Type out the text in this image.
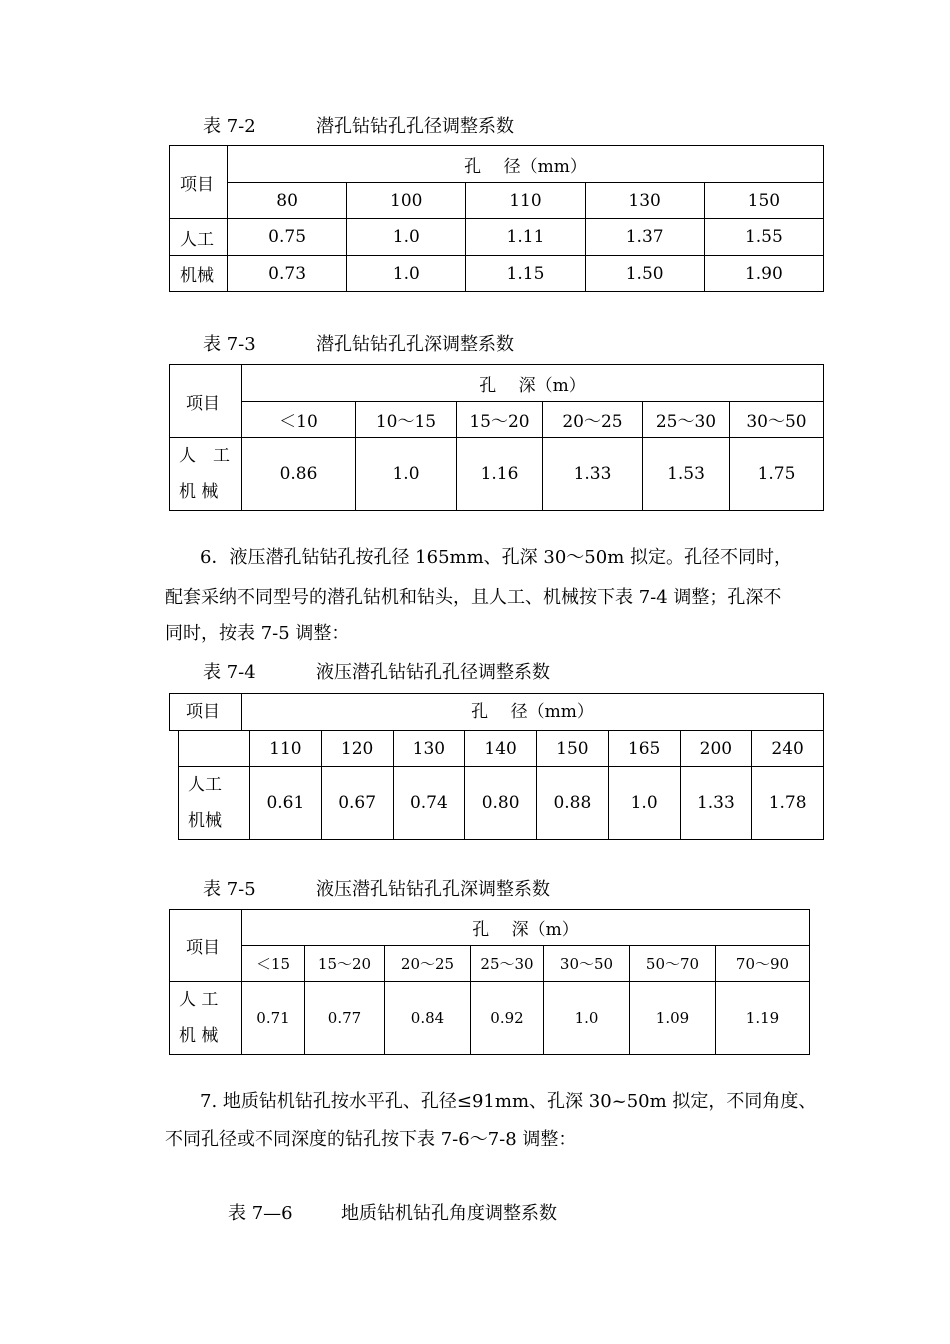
表 7-2	潜孔钻钻孔孔径调整系数
项目	孔　 径（mm）				
	80	100	110	130	150
人工	0.75	1.0	1.11	1.37	1.55
机械	0.73	1.0	1.15	1.50	1.90
表 7-3	潜孔钻钻孔孔深调整系数
项目	孔　 深（m）					
	＜10	10～15	15～20	20～25	25～30	30～50

人　工
机 械	0.86	1.0	1.16	1.33	1.53	1.75
6．液压潜孔钻钻孔按孔径 165mm、孔深 30～50m 拟定。孔径不同时，
配套采纳不同型号的潜孔钻机和钻头，且人工、机械按下表 7-4 调整；孔深不
同时，按表 7-5 调整：
表 7-4	液压潜孔钻钻孔孔径调整系数
项目	孔　 径（mm）
	110	120	130	140	150	165	200	240

人工
机械	0.61	0.67	0.74	0.80	0.88	1.0	1.33	1.78
表 7-5	液压潜孔钻钻孔孔深调整系数
项目	孔　 深（m）						
	＜15	15～20	20～25	25～30	30～50	50～70	70～90

人 工
机 械	0.71	0.77	0.84	0.92	1.0	1.09	1.19
7. 地质钻机钻孔按水平孔、孔径≤91mm、孔深 30~50m 拟定，不同角度、
不同孔径或不同深度的钻孔按下表 7-6～7-8 调整：
表 7—6	地质钻机钻孔角度调整系数
